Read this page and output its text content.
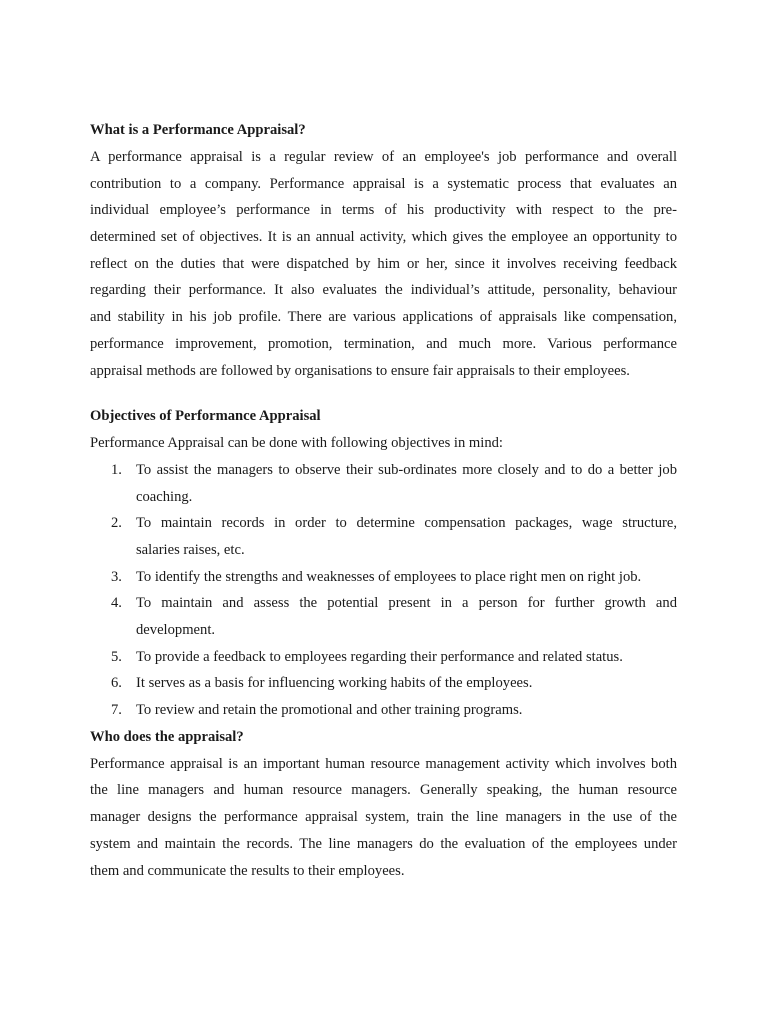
What is a Performance Appraisal?
A performance appraisal is a regular review of an employee's job performance and overall
contribution to a company. Performance appraisal is a systematic process that evaluates an
individual employee’s performance in terms of his productivity with respect to the pre-
determined set of objectives. It is an annual activity, which gives the employee an opportunity to
reflect on the duties that were dispatched by him or her, since it involves receiving feedback
regarding their performance. It also evaluates the individual’s attitude, personality, behaviour
and stability in his job profile. There are various applications of appraisals like compensation,
performance improvement, promotion, termination, and much more. Various performance
appraisal methods are followed by organisations to ensure fair appraisals to their employees.
Objectives of Performance Appraisal
Performance Appraisal can be done with following objectives in mind:
1. To assist the managers to observe their sub-ordinates more closely and to do a better job
coaching.
2. To maintain records in order to determine compensation packages, wage structure,
salaries raises, etc.
3. To identify the strengths and weaknesses of employees to place right men on right job.
4. To maintain and assess the potential present in a person for further growth and
development.
5. To provide a feedback to employees regarding their performance and related status.
6. It serves as a basis for influencing working habits of the employees.
7. To review and retain the promotional and other training programs.
Who does the appraisal?
Performance appraisal is an important human resource management activity which involves both
the line managers and human resource managers. Generally speaking, the human resource
manager designs the performance appraisal system, train the line managers in the use of the
system and maintain the records. The line managers do the evaluation of the employees under
them and communicate the results to their employees.
